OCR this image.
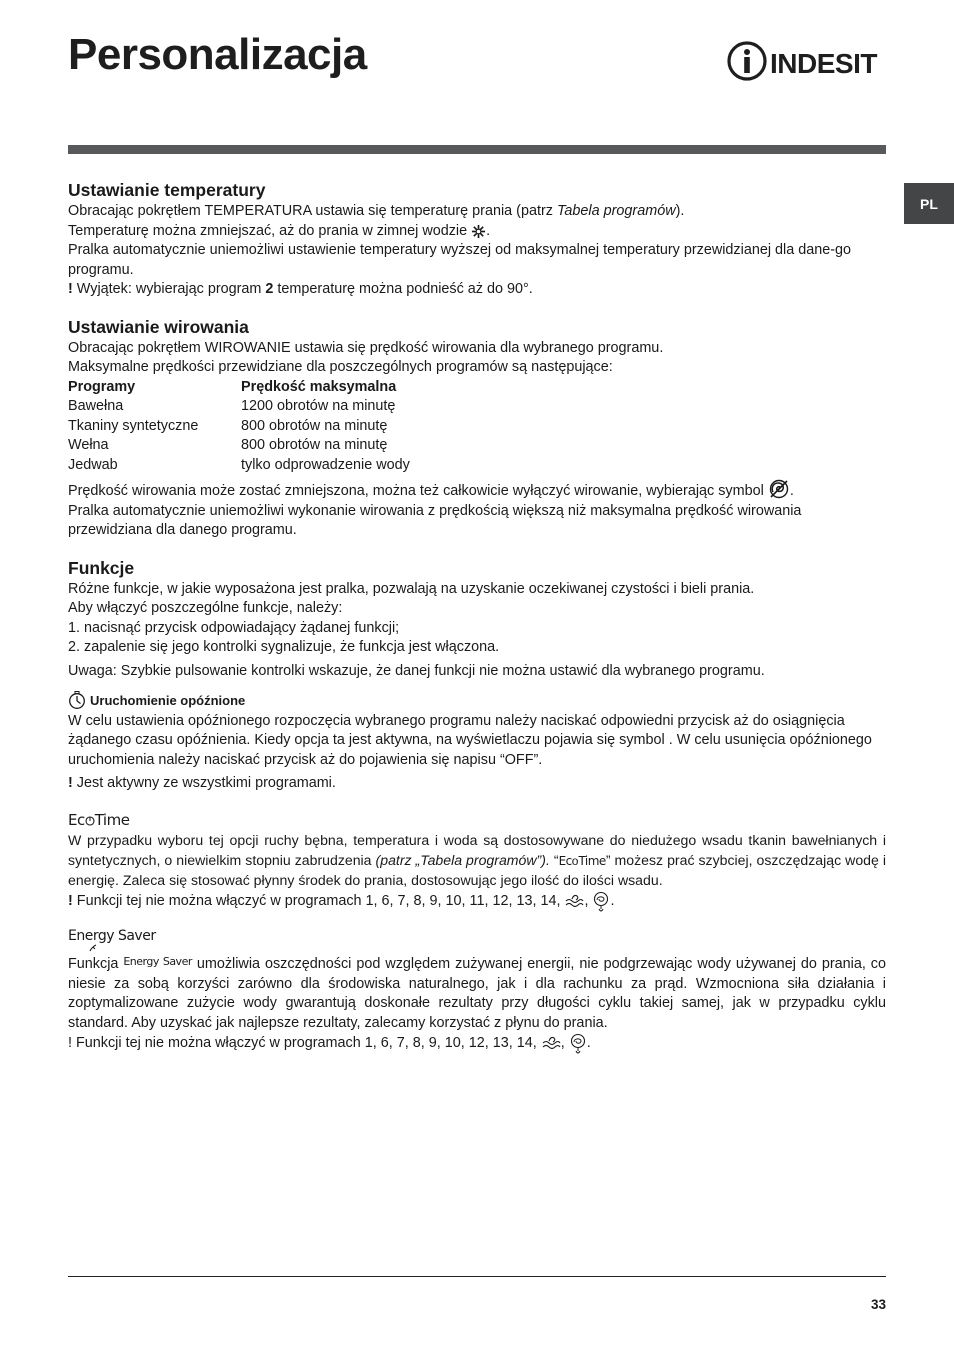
Personalizacja	INDESIT
PL
Ustawianie temperatury

Obracając pokrętłem TEMPERATURA ustawia się temperaturę prania (patrz Tabela programów).

Temperaturę można zmniejszać, aż do prania w zimnej wodzie .

Pralka automatycznie uniemożliwi ustawienie temperatury wyższej od maksymalnej temperatury przewidzianej dla dane-go programu.

! Wyjątek: wybierając program 2 temperaturę można podnieść aż do 90°.

Ustawianie wirowania

Obracając pokrętłem WIROWANIE ustawia się prędkość wirowania dla wybranego programu.

Maksymalne prędkości przewidziane dla poszczególnych programów są następujące:

Programy	Prędkość maksymalna
Bawełna	1200 obrotów na minutę
Tkaniny syntetyczne	800 obrotów na minutę
Wełna	800 obrotów na minutę
Jedwab	tylko odprowadzenie wody

Prędkość wirowania może zostać zmniejszona, można też całkowicie wyłączyć wirowanie, wybierając symbol .

Pralka automatycznie uniemożliwi wykonanie wirowania z prędkością większą niż maksymalna prędkość wirowania przewidziana dla danego programu.

Funkcje

Różne funkcje, w jakie wyposażona jest pralka, pozwalają na uzyskanie oczekiwanej czystości i bieli prania.

Aby włączyć poszczególne funkcje, należy:

1. nacisnąć przycisk odpowiadający żądanej funkcji;

2. zapalenie się jego kontrolki sygnalizuje, że funkcja jest włączona.

Uwaga: Szybkie pulsowanie kontrolki wskazuje, że danej funkcji nie można ustawić dla wybranego programu.

Uruchomienie opóźnione

W celu ustawienia opóźnionego rozpoczęcia wybranego programu należy naciskać odpowiedni przycisk aż do osiągnięcia żądanego czasu opóźnienia. Kiedy opcja ta jest aktywna, na wyświetlaczu pojawia się symbol . W celu usunięcia opóźnionego uruchomienia należy naciskać przycisk aż do pojawienia się napisu “OFF”.

! Jest aktywny ze wszystkimi programami.

Ec Time

W przypadku wyboru tej opcji ruchy bębna, temperatura i woda są dostosowywane do niedużego wsadu tkanin bawełnianych i syntetycznych, o niewielkim stopniu zabrudzenia (patrz „Tabela programów”). “EcoTime” możesz prać szybciej, oszczędzając wodę i energię. Zaleca się stosować płynny środek do prania, dostosowując jego ilość do ilości wsadu.

! Funkcji tej nie można włączyć w programach 1, 6, 7, 8, 9, 10, 11, 12, 13, 14, , .

Energy Saver

Funkcja $^{Energy Saver}$ umożliwia oszczędności pod względem zużywanej energii, nie podgrzewając wody używanej do prania, co niesie za sobą korzyści zarówno dla środowiska naturalnego, jak i dla rachunku za prąd. Wzmocniona siła działania i zoptymalizowane zużycie wody gwarantują doskonałe rezultaty przy długości cyklu takiej samej, jak w przypadku cyklu standard. Aby uzyskać jak najlepsze rezultaty, zalecamy korzystać z płynu do prania.

! Funkcji tej nie można włączyć w programach 1, 6, 7, 8, 9, 10, 12, 13, 14, , .

33
